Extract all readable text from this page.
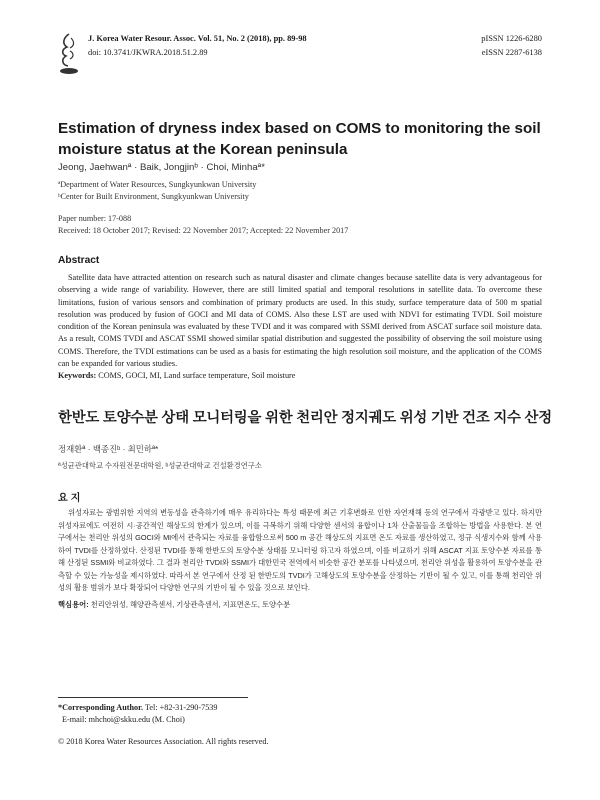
J. Korea Water Resour. Assoc. Vol. 51, No. 2 (2018), pp. 89-98
doi: 10.3741/JKWRA.2018.51.2.89
pISSN 1226-6280
eISSN 2287-6138
Estimation of dryness index based on COMS to monitoring the soil moisture status at the Korean peninsula
Jeong, Jaehwanª · Baik, Jongjinᵇ · Choi, Minhaª*
ªDepartment of Water Resources, Sungkyunkwan University
ᵇCenter for Built Environment, Sungkyunkwan University
Paper number: 17-088
Received: 18 October 2017; Revised: 22 November 2017; Accepted: 22 November 2017
Abstract

Satellite data have attracted attention on research such as natural disaster and climate changes because satellite data is very advantageous for observing a wide range of variability. However, there are still limited spatial and temporal resolutions in satellite data. To overcome these limitations, fusion of various sensors and combination of primary products are used. In this study, surface temperature data of 500 m spatial resolution was produced by fusion of GOCI and MI data of COMS. Also these LST are used with NDVI for estimating TVDI. Soil moisture condition of the Korean peninsula was evaluated by these TVDI and it was compared with SSMI derived from ASCAT surface soil moisture data. As a result, COMS TVDI and ASCAT SSMI showed similar spatial distribution and suggested the possibility of observing the soil moisture using COMS. Therefore, the TVDI estimations can be used as a basis for estimating the high resolution soil moisture, and the application of the COMS can be expanded for various studies.

Keywords: COMS, GOCI, MI, Land surface temperature, Soil moisture
한반도 토양수분 상태 모니터링을 위한 천리안 정지궤도 위성 기반 건조 지수 산정
정재환ª · 백종진ᵇ · 최민하ª*
ª성균관대학교 수자원전문대학원, ᵇ성균관대학교 건설환경연구소
요 지

위성자료는 광범위한 지역의 변동성을 관측하기에 매우 유리하다는 특성 때문에 최근 기후변화로 인한 자연재해 등의 연구에서 각광받고 있다. 하지만 위성자료에도 여전히 시·공간적인 해상도의 한계가 있으며, 이를 극복하기 위해 다양한 센서의 융합이나 1차 산출물들을 조합하는 방법을 사용한다. 본 연구에서는 천리안 위성의 GOCI와 MI에서 관측되는 자료를 융합함으로써 500 m 공간 해상도의 지표면 온도 자료를 생산하였고, 정규 식생지수와 함께 사용하여 TVDI를 산정하였다. 산정된 TVDI를 통해 한반도의 토양수분 상태를 모니터링 하고자 하였으며, 이를 비교하기 위해 ASCAT 지표 토양수분 자료를 통해 산정된 SSMI와 비교하였다. 그 결과 천리안 TVDI와 SSMI가 대한민국 전역에서 비슷한 공간 분포를 나타냈으며, 천리안 위성을 활용하여 토양수분을 관측할 수 있는 가능성을 제시하였다. 따라서 본 연구에서 산정 된 한반도의 TVDI가 고해상도의 토양수분을 산정하는 기반이 될 수 있고, 이를 통해 천리안 위성의 활용 범위가 보다 확장되어 다양한 연구의 기반이 될 수 있을 것으로 보인다.

핵심용어: 천리안위성, 해양관측센서, 기상관측센서, 지표면온도, 토양수분
*Corresponding Author. Tel: +82-31-290-7539
E-mail: mhchoi@skku.edu (M. Choi)
© 2018 Korea Water Resources Association. All rights reserved.
